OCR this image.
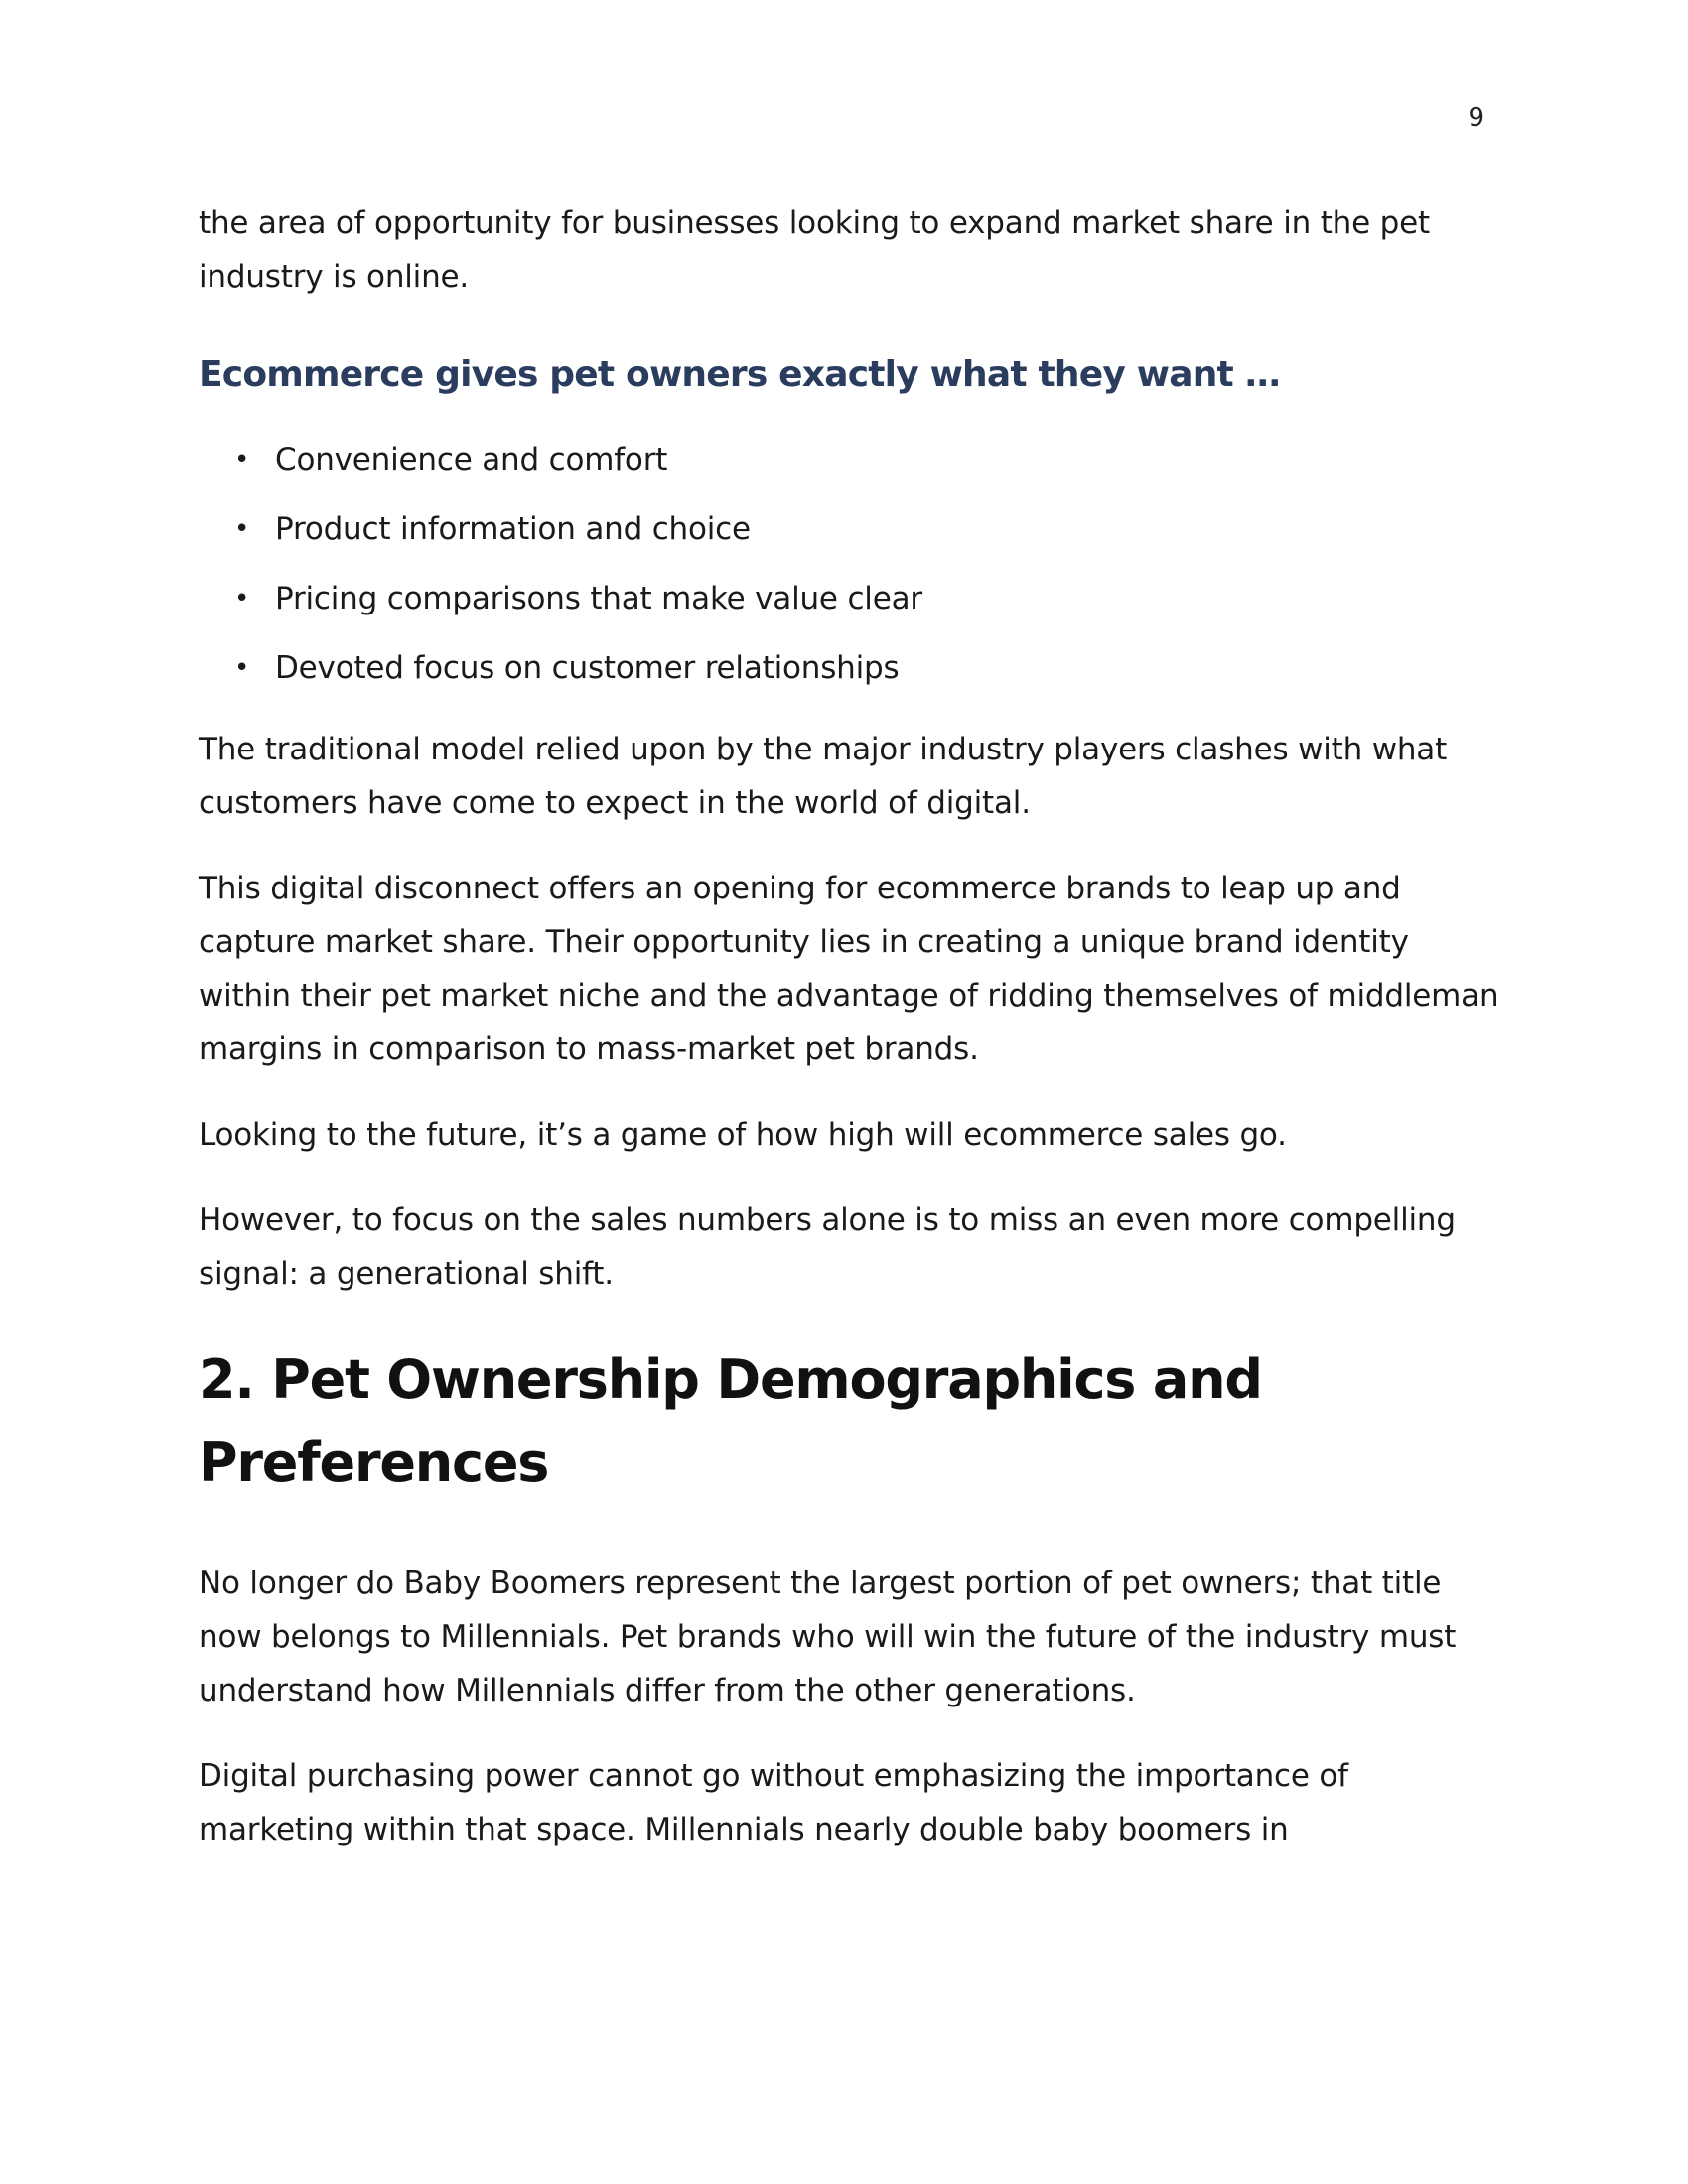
9

the area of opportunity for businesses looking to expand market share in the pet industry is online.

Ecommerce gives pet owners exactly what they want …
• Convenience and comfort
• Product information and choice
• Pricing comparisons that make value clear
• Devoted focus on customer relationships

The traditional model relied upon by the major industry players clashes with what customers have come to expect in the world of digital.

This digital disconnect offers an opening for ecommerce brands to leap up and capture market share. Their opportunity lies in creating a unique brand identity within their pet market niche and the advantage of ridding themselves of middleman margins in comparison to mass-market pet brands.

Looking to the future, it’s a game of how high will ecommerce sales go.

However, to focus on the sales numbers alone is to miss an even more compelling signal: a generational shift.

2. Pet Ownership Demographics and Preferences

No longer do Baby Boomers represent the largest portion of pet owners; that title now belongs to Millennials. Pet brands who will win the future of the industry must understand how Millennials differ from the other generations.

Digital purchasing power cannot go without emphasizing the importance of marketing within that space. Millennials nearly double baby boomers in
